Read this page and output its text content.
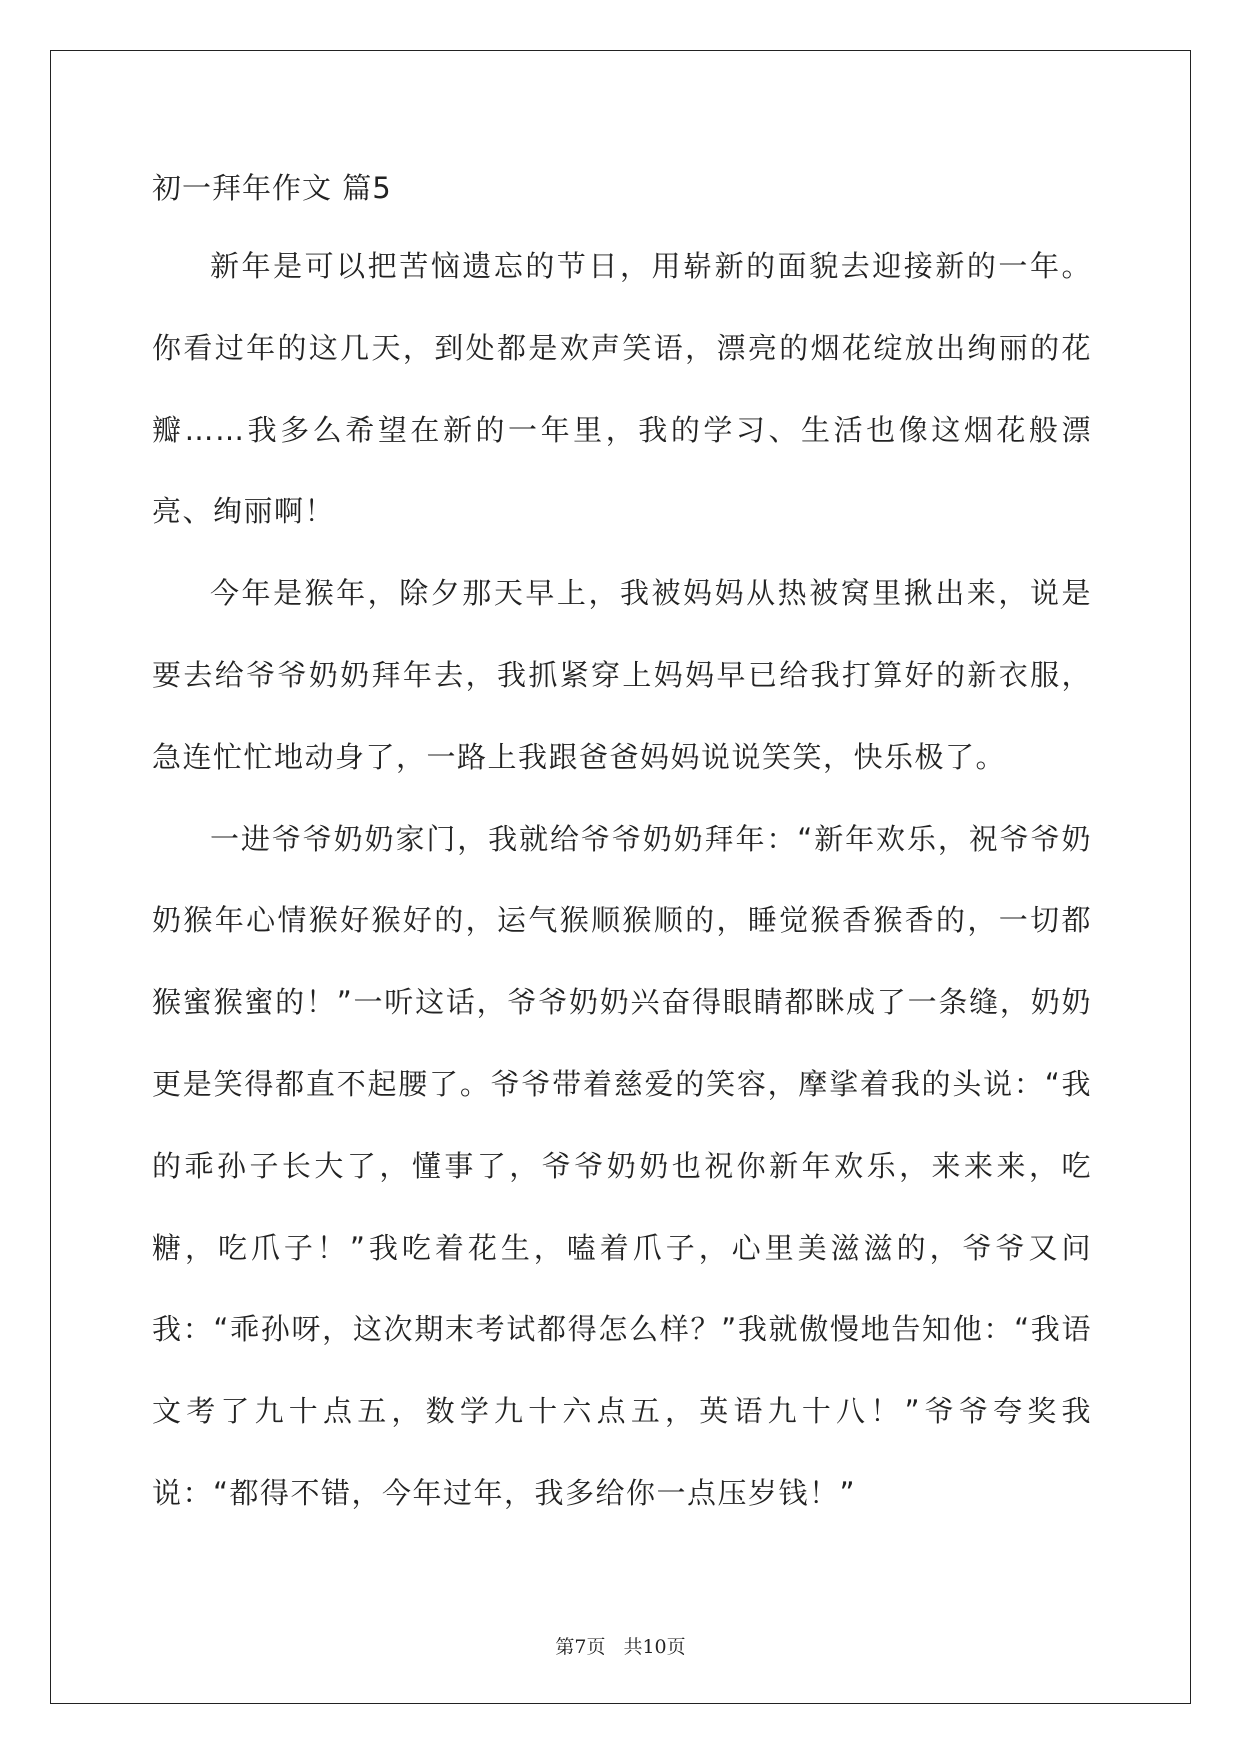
初一拜年作文 篇5

新年是可以把苦恼遗忘的节日，用崭新的面貌去迎接新的一年。你看过年的这几天，到处都是欢声笑语，漂亮的烟花绽放出绚丽的花瓣……我多么希望在新的一年里，我的学习、生活也像这烟花般漂亮、绚丽啊！

今年是猴年，除夕那天早上，我被妈妈从热被窝里揪出来，说是要去给爷爷奶奶拜年去，我抓紧穿上妈妈早已给我打算好的新衣服，急连忙忙地动身了，一路上我跟爸爸妈妈说说笑笑，快乐极了。

一进爷爷奶奶家门，我就给爷爷奶奶拜年：“新年欢乐，祝爷爷奶奶猴年心情猴好猴好的，运气猴顺猴顺的，睡觉猴香猴香的，一切都猴蜜猴蜜的！”一听这话，爷爷奶奶兴奋得眼睛都眯成了一条缝，奶奶更是笑得都直不起腰了。爷爷带着慈爱的笑容，摩挲着我的头说：“我的乖孙子长大了，懂事了，爷爷奶奶也祝你新年欢乐，来来来，吃糖，吃爪子！”我吃着花生，嗑着爪子，心里美滋滋的，爷爷又问我：“乖孙呀，这次期末考试都得怎么样？”我就傲慢地告知他：“我语文考了九十点五，数学九十六点五，英语九十八！”爷爷夸奖我说：“都得不错，今年过年，我多给你一点压岁钱！”

第7页 共10页
